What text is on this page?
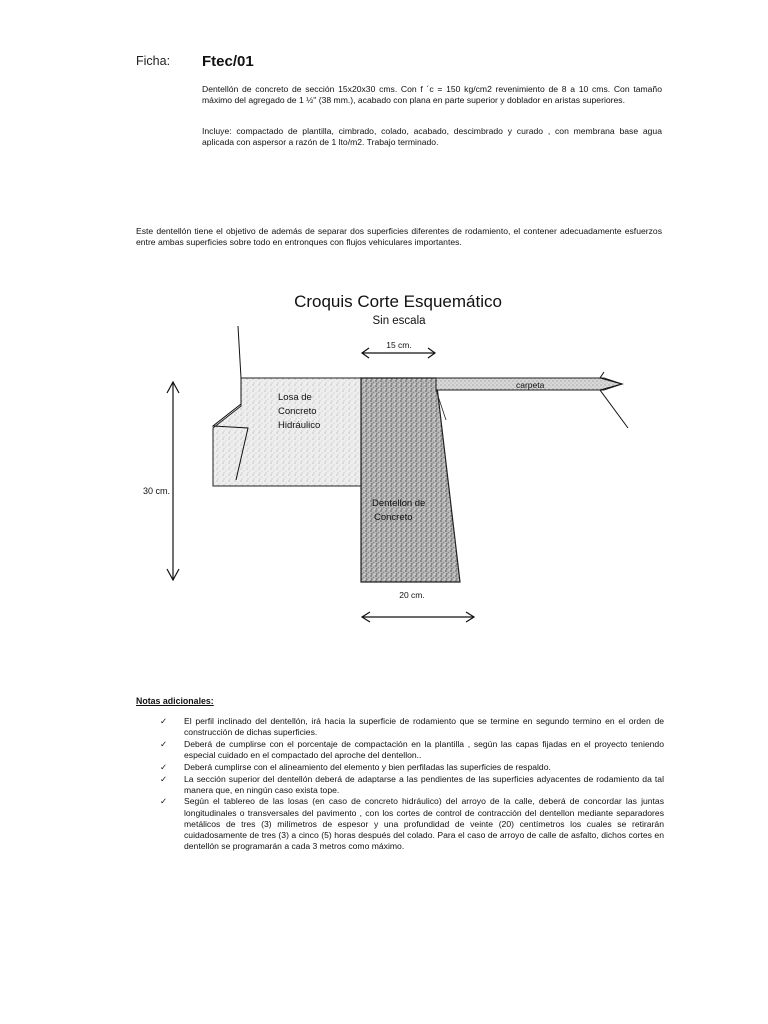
Ficha: Ftec/01

Dentellón de concreto de sección 15x20x30 cms. Con f ´c = 150 kg/cm2 revenimiento de 8 a 10 cms. Con tamaño máximo del agregado de 1 ½" (38 mm.), acabado con plana en parte superior y doblador en aristas superiores.

Incluye: compactado de plantilla, cimbrado, colado, acabado, descimbrado y curado , con membrana base agua aplicada con aspersor a razón de 1 lto/m2. Trabajo terminado.

Este dentellón tiene el objetivo de además de separar dos superficies diferentes de rodamiento, el contener adecuadamente esfuerzos entre ambas superficies sobre todo en entronques con flujos vehiculares importantes.

Croquis Corte Esquemático
Sin escala
15 cm.
Losa de
Concreto
Hidráulico
Dentellon de
Concreto
carpeta
30 cm.
20 cm.

Notas adicionales:

✓ El perfil inclinado del dentellón, irá hacia la superficie de rodamiento que se termine en segundo termino en el orden de construcción de dichas superficies.
✓ Deberá de cumplirse con el porcentaje de compactación en la plantilla , según las capas fijadas en el proyecto teniendo especial cuidado en el compactado del aproche del dentellon..
✓ Deberá cumplirse con el alineamiento del elemento y bien perfiladas las superficies de respaldo.
✓ La sección superior del dentellón deberá de adaptarse a las pendientes de las superficies adyacentes de rodamiento da tal manera que, en ningún caso exista tope.
✓ Según el tablereo de las losas (en caso de concreto hidráulico) del arroyo de la calle, deberá de concordar las juntas longitudinales o transversales del pavimento , con los cortes de control de contracción del dentellon mediante separadores metálicos de tres (3) milímetros de espesor y una profundidad de veinte (20) centímetros los cuales se retirarán cuidadosamente de tres (3) a cinco (5) horas después del colado. Para el caso de arroyo de calle de asfalto, dichos cortes en dentellón se programarán a cada 3 metros como máximo.
